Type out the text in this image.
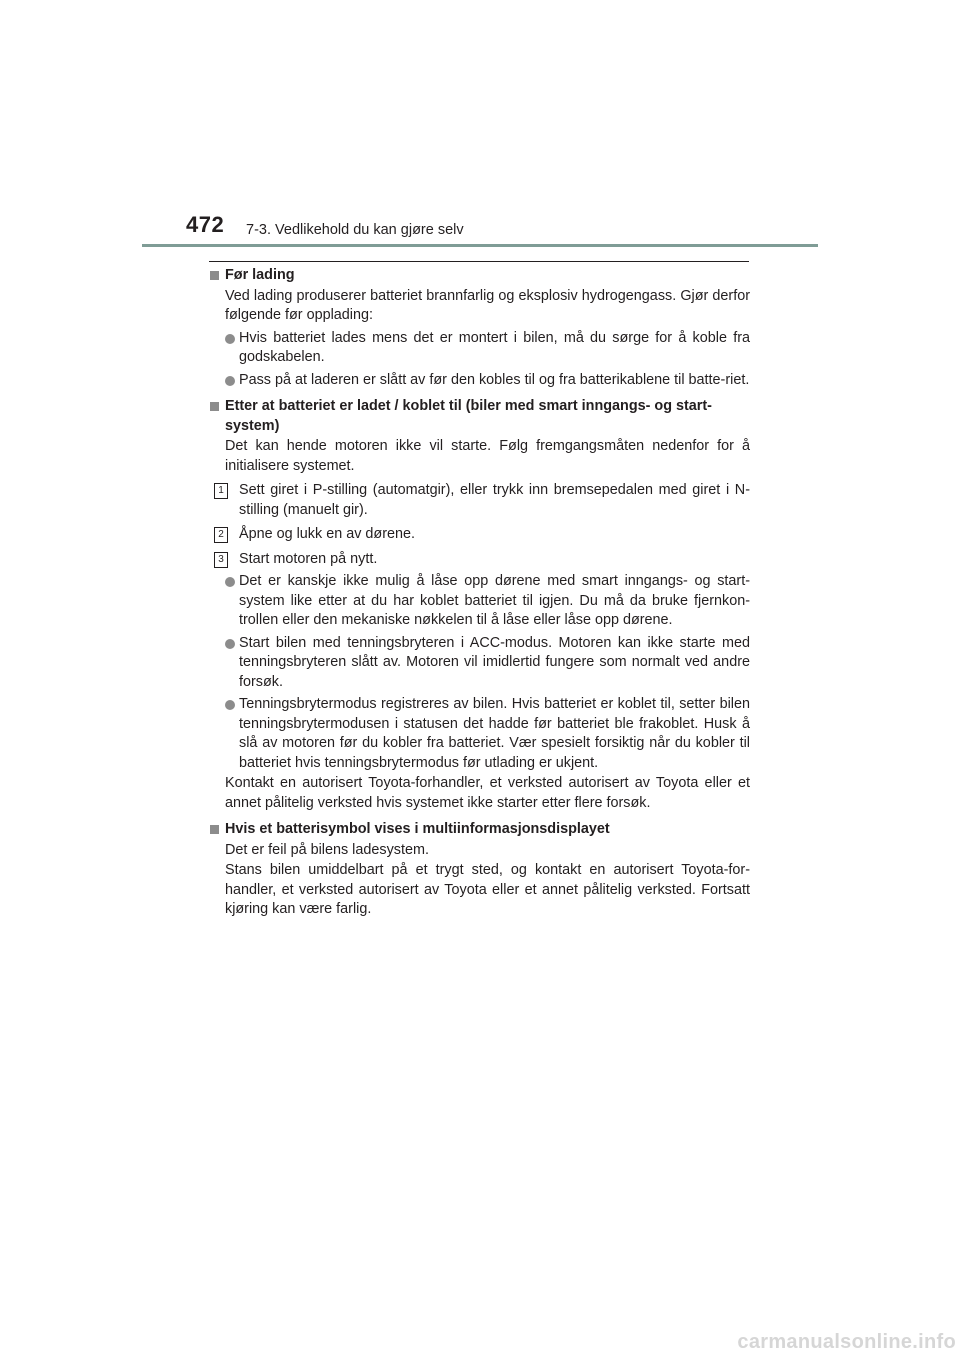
472 7-3. Vedlikehold du kan gjøre selv
Før lading
Ved lading produserer batteriet brannfarlig og eksplosiv hydrogengass. Gjør derfor følgende før opplading:
Hvis batteriet lades mens det er montert i bilen, må du sørge for å koble fra godskabelen.
Pass på at laderen er slått av før den kobles til og fra batterikablene til batte-riet.
Etter at batteriet er ladet / koblet til (biler med smart inngangs- og start-system)
Det kan hende motoren ikke vil starte. Følg fremgangsmåten nedenfor for å initialisere systemet.
1 Sett giret i P-stilling (automatgir), eller trykk inn bremsepedalen med giret i N-stilling (manuelt gir).
2 Åpne og lukk en av dørene.
3 Start motoren på nytt.
Det er kanskje ikke mulig å låse opp dørene med smart inngangs- og start-system like etter at du har koblet batteriet til igjen. Du må da bruke fjernkon-trollen eller den mekaniske nøkkelen til å låse eller låse opp dørene.
Start bilen med tenningsbryteren i ACC-modus. Motoren kan ikke starte med tenningsbryteren slått av. Motoren vil imidlertid fungere som normalt ved andre forsøk.
Tenningsbrytermodus registreres av bilen. Hvis batteriet er koblet til, setter bilen tenningsbrytermodusen i statusen det hadde før batteriet ble frakoblet. Husk å slå av motoren før du kobler fra batteriet. Vær spesielt forsiktig når du kobler til batteriet hvis tenningsbrytermodus før utlading er ukjent.
Kontakt en autorisert Toyota-forhandler, et verksted autorisert av Toyota eller et annet pålitelig verksted hvis systemet ikke starter etter flere forsøk.
Hvis et batterisymbol vises i multiinformasjonsdisplayet
Det er feil på bilens ladesystem.
Stans bilen umiddelbart på et trygt sted, og kontakt en autorisert Toyota-for-handler, et verksted autorisert av Toyota eller et annet pålitelig verksted. Fortsatt kjøring kan være farlig.
carmanualsonline.info
